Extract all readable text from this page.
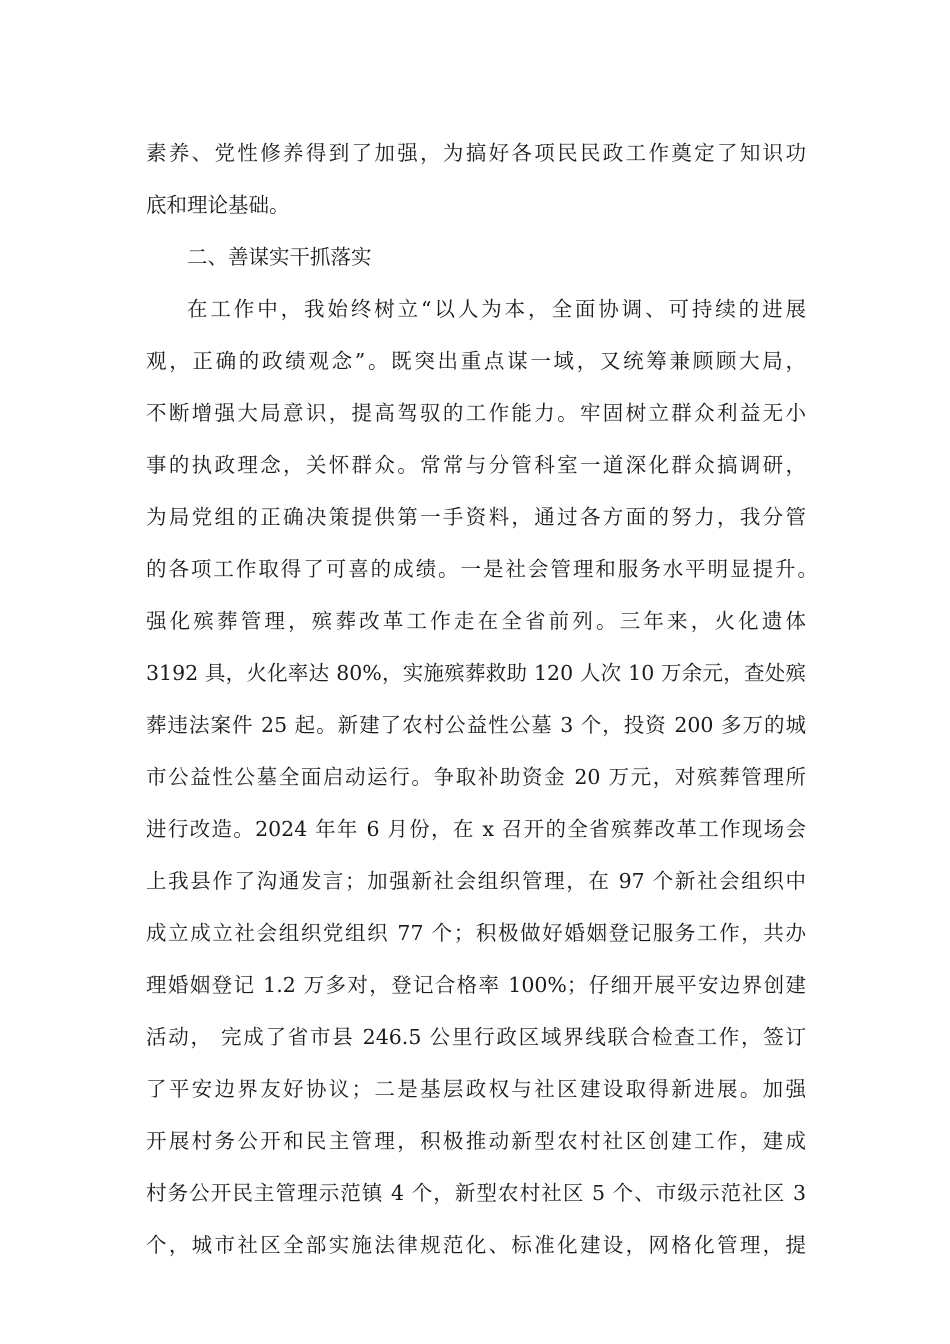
素养、党性修养得到了加强，为搞好各项民民政工作奠定了知识功
底和理论基础。
二、善谋实干抓落实
在工作中，我始终树立“以人为本，全面协调、可持续的进展
观，正确的政绩观念”。既突出重点谋一域，又统筹兼顾顾大局，
不断增强大局意识，提高驾驭的工作能力。牢固树立群众利益无小
事的执政理念，关怀群众。常常与分管科室一道深化群众搞调研，
为局党组的正确决策提供第一手资料，通过各方面的努力，我分管
的各项工作取得了可喜的成绩。一是社会管理和服务水平明显提升。
强化殡葬管理，殡葬改革工作走在全省前列。三年来，火化遗体
3192 具，火化率达 80%，实施殡葬救助 120 人次 10 万余元，查处殡
葬违法案件 25 起。新建了农村公益性公墓 3 个，投资 200 多万的城
市公益性公墓全面启动运行。争取补助资金 20 万元，对殡葬管理所
进行改造。2024 年年 6 月份，在 x 召开的全省殡葬改革工作现场会
上我县作了沟通发言；加强新社会组织管理，在 97 个新社会组织中
成立成立社会组织党组织 77 个；积极做好婚姻登记服务工作，共办
理婚姻登记 1.2 万多对，登记合格率 100%；仔细开展平安边界创建
活动， 完成了省市县 246.5 公里行政区域界线联合检查工作，签订
了平安边界友好协议；二是基层政权与社区建设取得新进展。加强
开展村务公开和民主管理，积极推动新型农村社区创建工作，建成
村务公开民主管理示范镇 4 个，新型农村社区 5 个、市级示范社区 3
个，城市社区全部实施法律规范化、标准化建设，网格化管理，提
